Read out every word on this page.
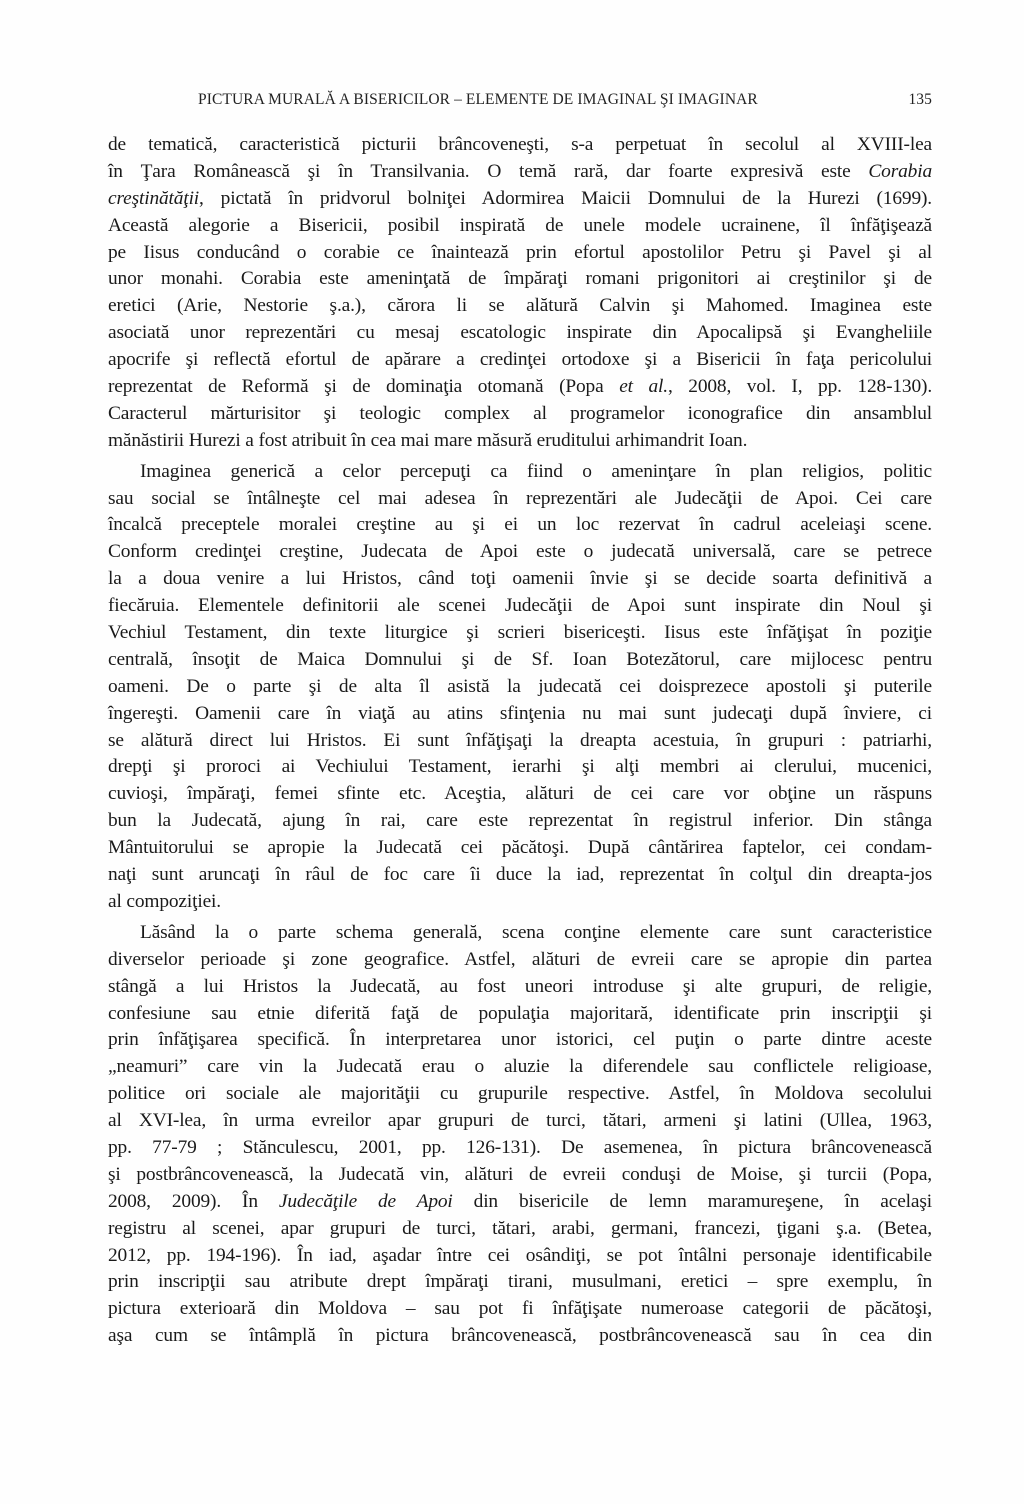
PICTURA MURALĂ A BISERICILOR – ELEMENTE DE IMAGINAL ŞI IMAGINAR	135
de tematică, caracteristică picturii brâncoveneşti, s-a perpetuat în secolul al XVIII-lea
în Ţara Românească şi în Transilvania. O temă rară, dar foarte expresivă este Corabia
creştinătăţii, pictată în pridvorul bolniţei Adormirea Maicii Domnului de la Hurezi (1699).
Această alegorie a Bisericii, posibil inspirată de unele modele ucrainene, îl înfăţişează
pe Iisus conducând o corabie ce înaintează prin efortul apostolilor Petru şi Pavel şi al
unor monahi. Corabia este ameninţată de împăraţi romani prigonitori ai creştinilor şi de
eretici (Arie, Nestorie ş.a.), cărora li se alătură Calvin şi Mahomed. Imaginea este
asociată unor reprezentări cu mesaj escatologic inspirate din Apocalipsă şi Evangheliile
apocrife şi reflectă efortul de apărare a credinţei ortodoxe şi a Bisericii în faţa pericolului
reprezentat de Reformă şi de dominaţia otomană (Popa et al., 2008, vol. I, pp. 128-130).
Caracterul mărturisitor şi teologic complex al programelor iconografice din ansamblul
mănăstirii Hurezi a fost atribuit în cea mai mare măsură eruditului arhimandrit Ioan.
Imaginea generică a celor percepuţi ca fiind o ameninţare în plan religios, politic
sau social se întâlneşte cel mai adesea în reprezentări ale Judecăţii de Apoi. Cei care
încalcă preceptele moralei creştine au şi ei un loc rezervat în cadrul aceleiaşi scene.
Conform credinţei creştine, Judecata de Apoi este o judecată universală, care se petrece
la a doua venire a lui Hristos, când toţi oamenii învie şi se decide soarta definitivă a
fiecăruia. Elementele definitorii ale scenei Judecăţii de Apoi sunt inspirate din Noul şi
Vechiul Testament, din texte liturgice şi scrieri bisericeşti. Iisus este înfăţişat în poziţie
centrală, însoţit de Maica Domnului şi de Sf. Ioan Botezătorul, care mijlocesc pentru
oameni. De o parte şi de alta îl asistă la judecată cei doisprezece apostoli şi puterile
îngereşti. Oamenii care în viaţă au atins sfinţenia nu mai sunt judecaţi după înviere, ci
se alătură direct lui Hristos. Ei sunt înfăţişaţi la dreapta acestuia, în grupuri : patriarhi,
drepţi şi proroci ai Vechiului Testament, ierarhi şi alţi membri ai clerului, mucenici,
cuvioşi, împăraţi, femei sfinte etc. Aceştia, alături de cei care vor obţine un răspuns
bun la Judecată, ajung în rai, care este reprezentat în registrul inferior. Din stânga
Mântuitorului se apropie la Judecată cei păcătoşi. După cântărirea faptelor, cei condam-
naţi sunt aruncaţi în râul de foc care îi duce la iad, reprezentat în colţul din dreapta-jos
al compoziţiei.
Lăsând la o parte schema generală, scena conţine elemente care sunt caracteristice
diverselor perioade şi zone geografice. Astfel, alături de evreii care se apropie din partea
stângă a lui Hristos la Judecată, au fost uneori introduse şi alte grupuri, de religie,
confesiune sau etnie diferită faţă de populaţia majoritară, identificate prin inscripţii şi
prin înfăţişarea specifică. În interpretarea unor istorici, cel puţin o parte dintre aceste
„neamuri” care vin la Judecată erau o aluzie la diferendele sau conflictele religioase,
politice ori sociale ale majorităţii cu grupurile respective. Astfel, în Moldova secolului
al XVI-lea, în urma evreilor apar grupuri de turci, tătari, armeni şi latini (Ullea, 1963,
pp. 77-79 ; Stănculescu, 2001, pp. 126-131). De asemenea, în pictura brâncovenească
şi postbrâncovenească, la Judecată vin, alături de evreii conduşi de Moise, şi turcii (Popa,
2008, 2009). În Judecăţile de Apoi din bisericile de lemn maramureşene, în acelaşi
registru al scenei, apar grupuri de turci, tătari, arabi, germani, francezi, ţigani ş.a. (Betea,
2012, pp. 194-196). În iad, aşadar între cei osândiţi, se pot întâlni personaje identificabile
prin inscripţii sau atribute drept împăraţi tirani, musulmani, eretici – spre exemplu, în
pictura exterioară din Moldova – sau pot fi înfăţişate numeroase categorii de păcătoşi,
aşa cum se întâmplă în pictura brâncovenească, postbrâncovenească sau în cea din
